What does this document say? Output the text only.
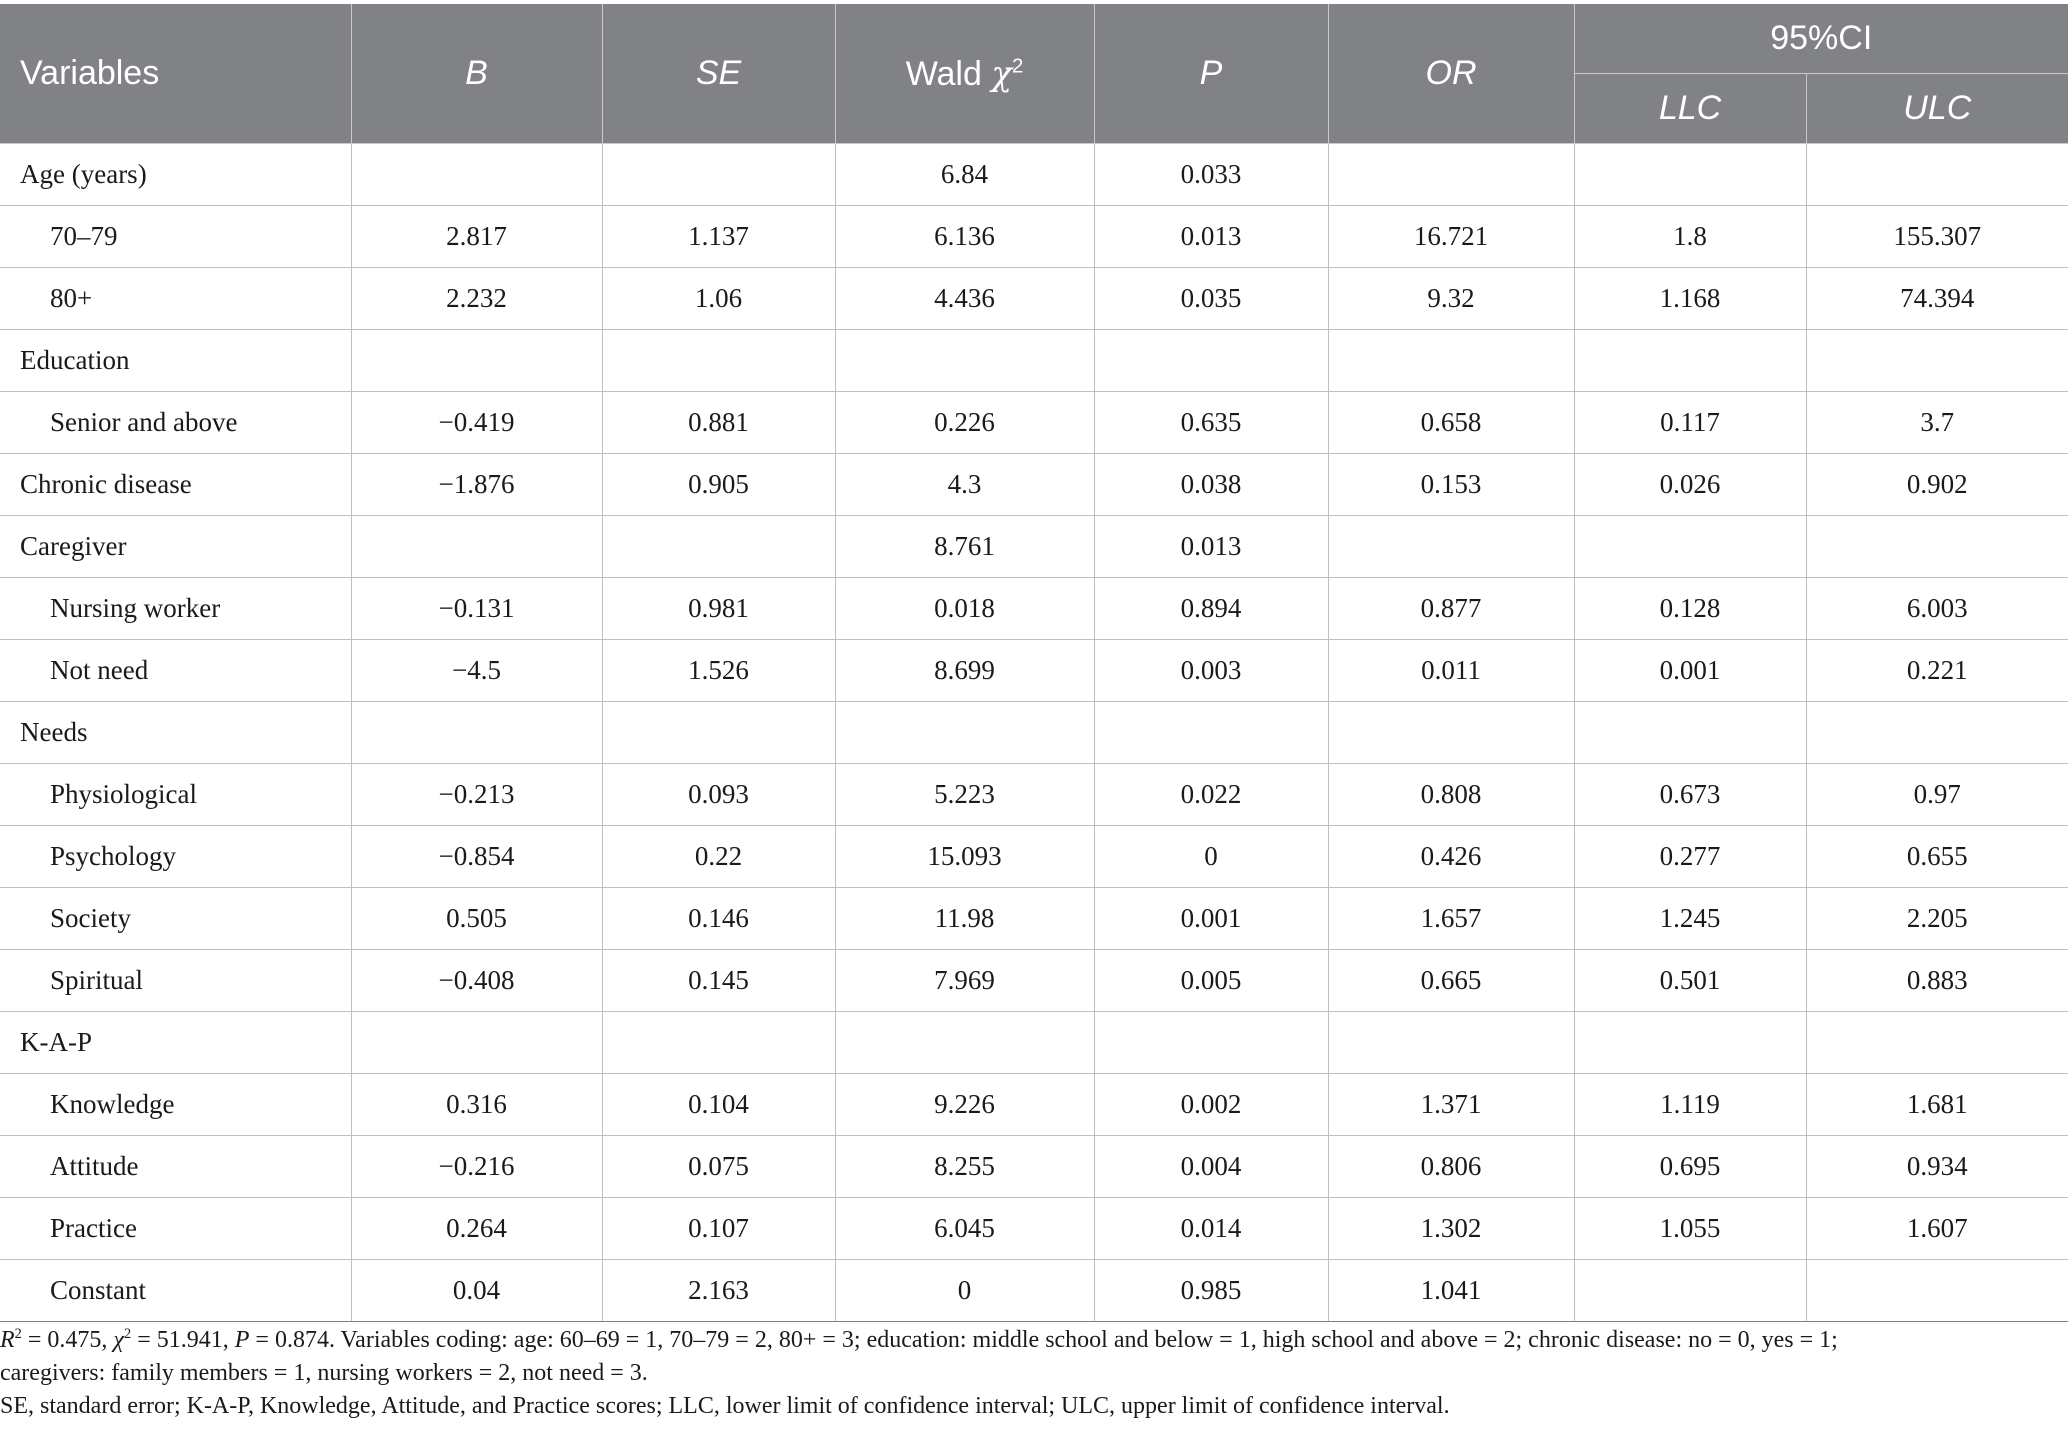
Variables	B	SE	Wald $\chi^2$	P	OR	95%CI	
						LLC	ULC
Age (years)			6.84	0.033			
70–79	2.817	1.137	6.136	0.013	16.721	1.8	155.307
80+	2.232	1.06	4.436	0.035	9.32	1.168	74.394
Education							
Senior and above	−0.419	0.881	0.226	0.635	0.658	0.117	3.7
Chronic disease	−1.876	0.905	4.3	0.038	0.153	0.026	0.902
Caregiver			8.761	0.013			
Nursing worker	−0.131	0.981	0.018	0.894	0.877	0.128	6.003
Not need	−4.5	1.526	8.699	0.003	0.011	0.001	0.221
Needs							
Physiological	−0.213	0.093	5.223	0.022	0.808	0.673	0.97
Psychology	−0.854	0.22	15.093	0	0.426	0.277	0.655
Society	0.505	0.146	11.98	0.001	1.657	1.245	2.205
Spiritual	−0.408	0.145	7.969	0.005	0.665	0.501	0.883
K-A-P							
Knowledge	0.316	0.104	9.226	0.002	1.371	1.119	1.681
Attitude	−0.216	0.075	8.255	0.004	0.806	0.695	0.934
Practice	0.264	0.107	6.045	0.014	1.302	1.055	1.607
Constant	0.04	2.163	0	0.985	1.041		

$R^2 = 0.475$, $\chi^2 = 51.941$, P = 0.874. Variables coding: age: 60–69 = 1, 70–79 = 2, 80+ = 3; education: middle school and below = 1, high school and above = 2; chronic disease: no = 0, yes = 1;

caregivers: family members = 1, nursing workers = 2, not need = 3.

SE, standard error; K-A-P, Knowledge, Attitude, and Practice scores; LLC, lower limit of confidence interval; ULC, upper limit of confidence interval.
